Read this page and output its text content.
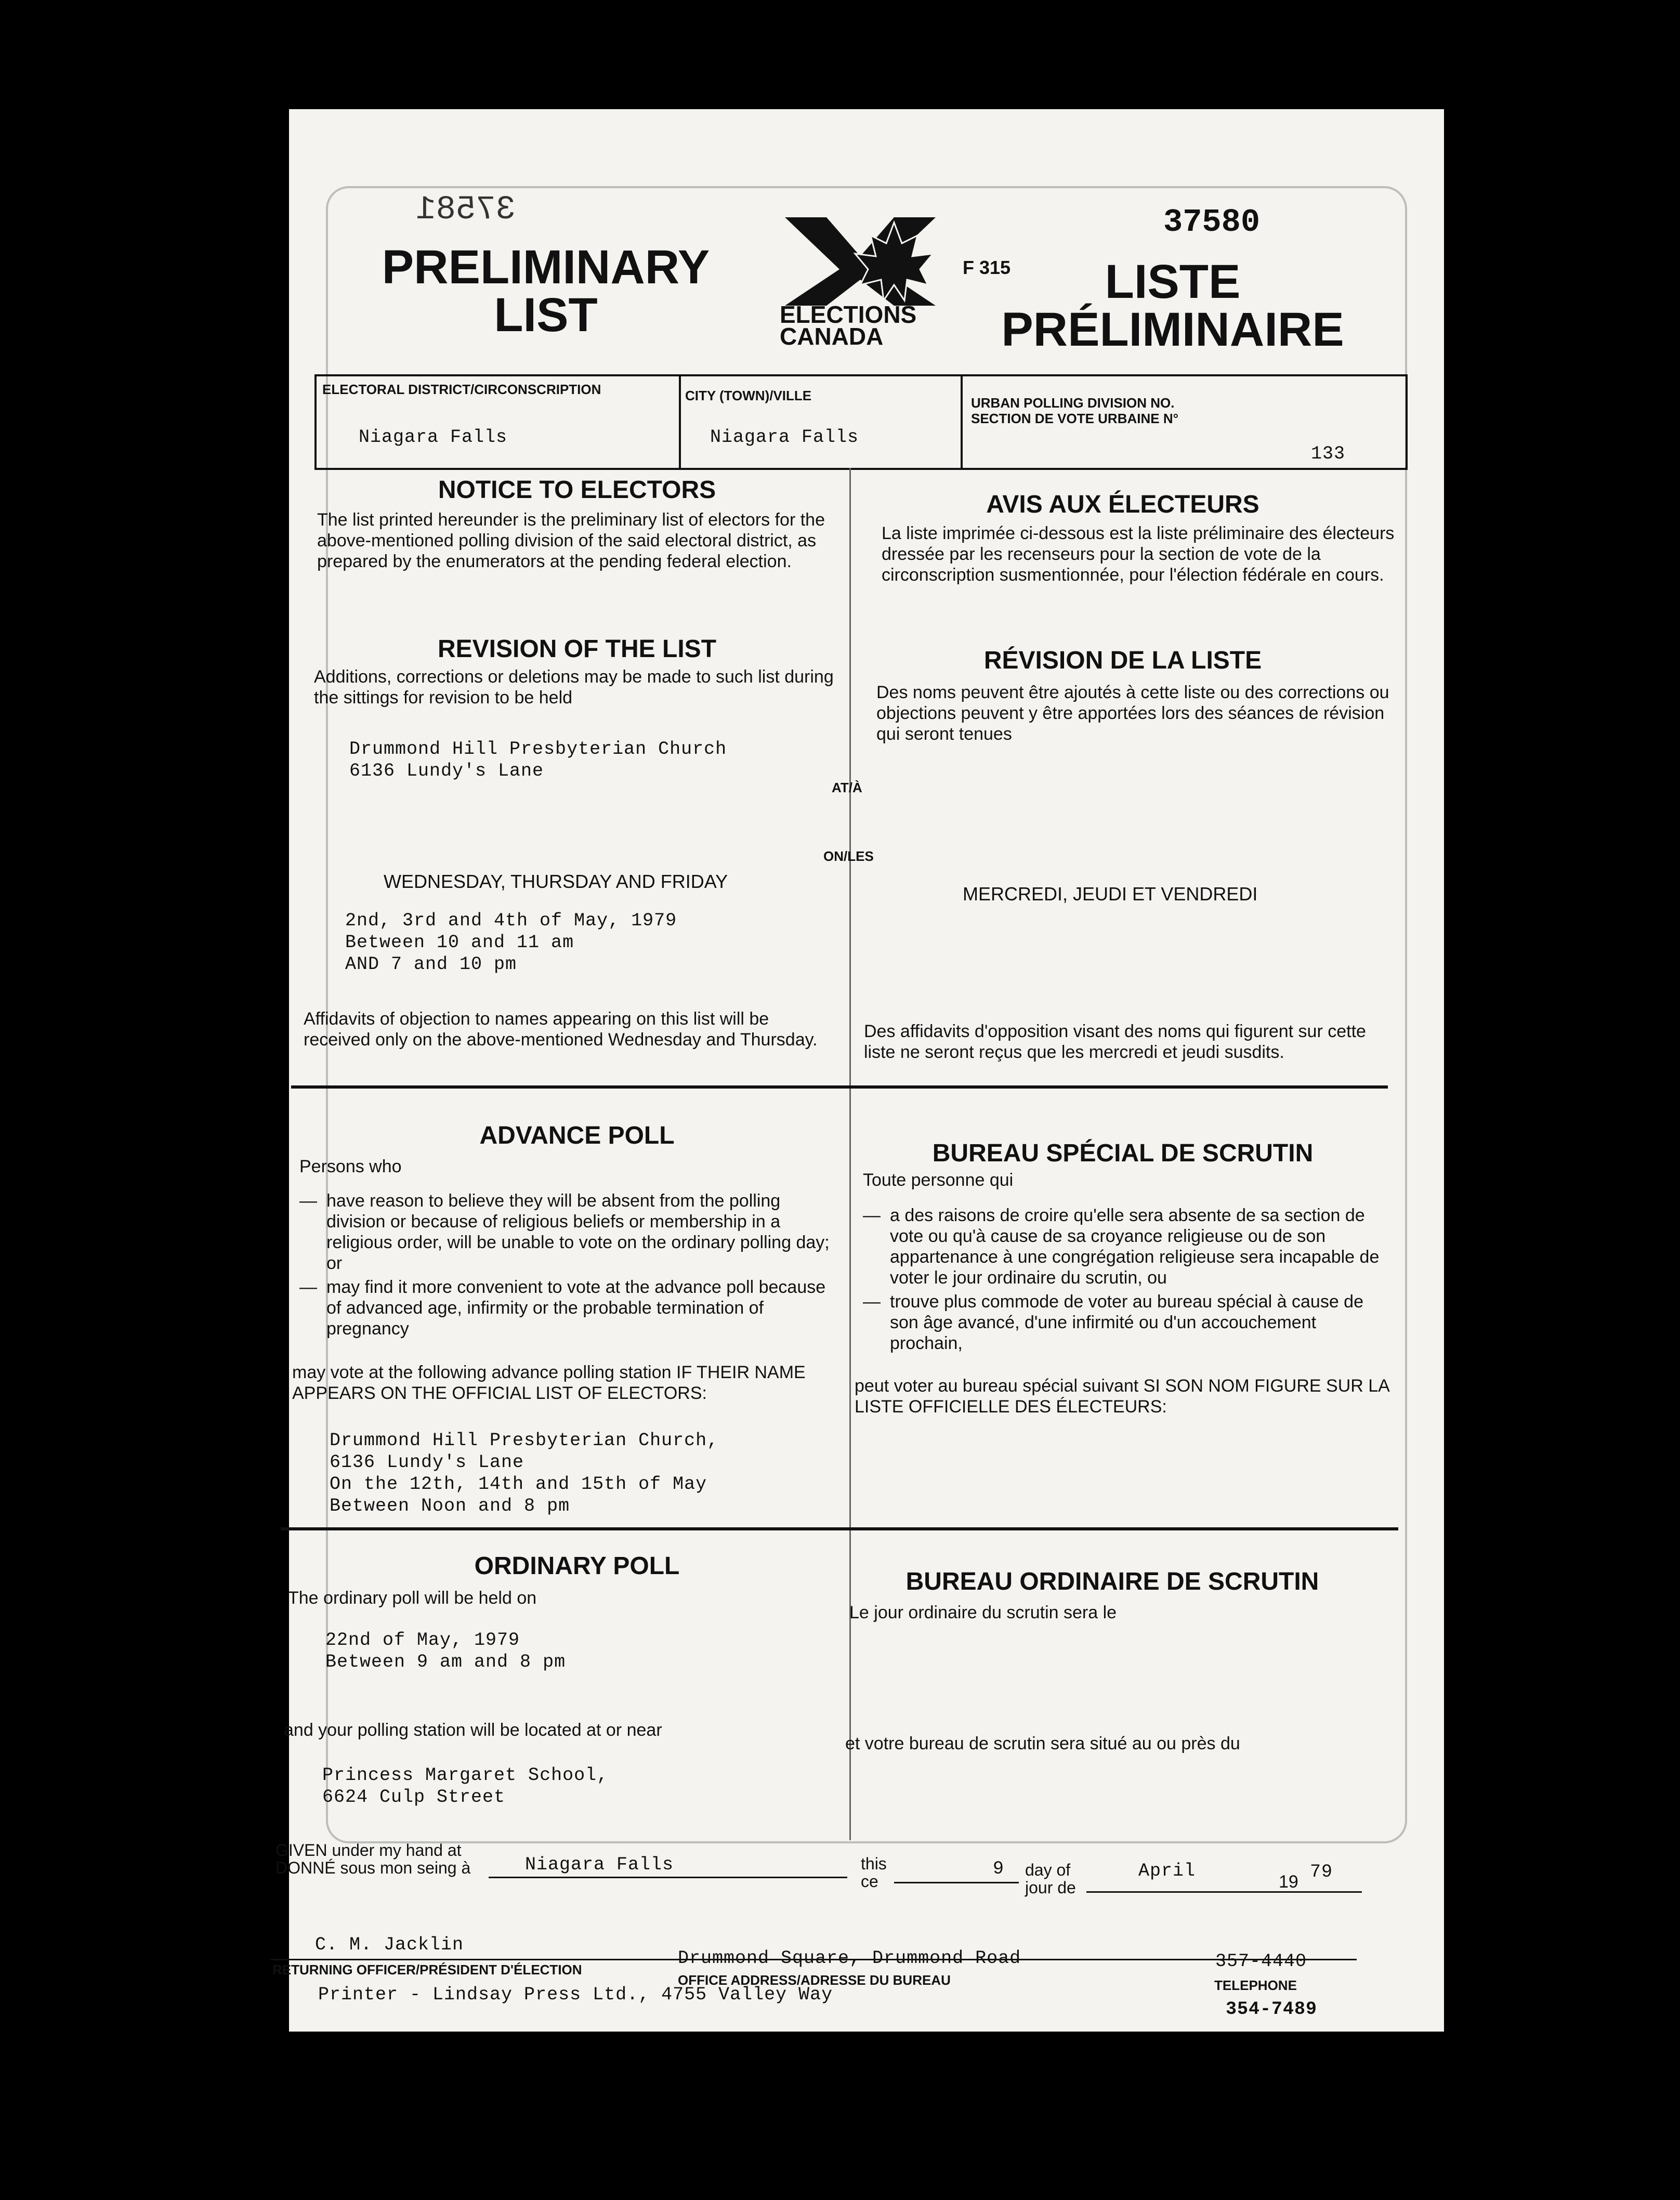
37581	37580
PRELIMINARY
LIST	ELECTIONS
CANADA
F 315	LISTE
PRÉLIMINAIRE
ELECTORAL DISTRICT/CIRCONSCRIPTION
Niagara Falls
CITY (TOWN)/VILLE
Niagara Falls
URBAN POLLING DIVISION NO.
SECTION DE VOTE URBAINE N°
133
NOTICE TO ELECTORS
The list printed hereunder is the preliminary list of electors for the above-mentioned polling division of the said electoral district, as prepared by the enumerators at the pending federal election.
AVIS AUX ÉLECTEURS
La liste imprimée ci-dessous est la liste préliminaire des électeurs dressée par les recenseurs pour la section de vote de la circonscription susmentionnée, pour l'élection fédérale en cours.
REVISION OF THE LIST
Additions, corrections or deletions may be made to such list during the sittings for revision to be held
RÉVISION DE LA LISTE
Des noms peuvent être ajoutés à cette liste ou des corrections ou objections peuvent y être apportées lors des séances de révision qui seront tenues
Drummond Hill Presbyterian Church
6136 Lundy's Lane
AT/À
ON/LES
WEDNESDAY, THURSDAY AND FRIDAY
MERCREDI, JEUDI ET VENDREDI
2nd, 3rd and 4th of May, 1979
Between 10 and 11 am
AND 7 and 10 pm
Affidavits of objection to names appearing on this list will be received only on the above-mentioned Wednesday and Thursday.	Des affidavits d'opposition visant des noms qui figurent sur cette liste ne seront reçus que les mercredi et jeudi susdits.
ADVANCE POLL
Persons who
— have reason to believe they will be absent from the polling division or because of religious beliefs or membership in a religious order, will be unable to vote on the ordinary polling day; or
— may find it more convenient to vote at the advance poll because of advanced age, infirmity or the probable termination of pregnancy
may vote at the following advance polling station IF THEIR NAME APPEARS ON THE OFFICIAL LIST OF ELECTORS:
BUREAU SPÉCIAL DE SCRUTIN
Toute personne qui
— a des raisons de croire qu'elle sera absente de sa section de vote ou qu'à cause de sa croyance religieuse ou de son appartenance à une congrégation religieuse sera incapable de voter le jour ordinaire du scrutin, ou
— trouve plus commode de voter au bureau spécial à cause de son âge avancé, d'une infirmité ou d'un accouchement prochain,
peut voter au bureau spécial suivant SI SON NOM FIGURE SUR LA LISTE OFFICIELLE DES ÉLECTEURS:
Drummond Hill Presbyterian Church,
6136 Lundy's Lane
On the 12th, 14th and 15th of May
Between Noon and 8 pm
ORDINARY POLL
The ordinary poll will be held on
BUREAU ORDINAIRE DE SCRUTIN
Le jour ordinaire du scrutin sera le
22nd of May, 1979
Between 9 am and 8 pm
and your polling station will be located at or near
et votre bureau de scrutin sera situé au ou près du
Princess Margaret School,
6624 Culp Street
GIVEN under my hand at
DONNÉ sous mon seing à	Niagara Falls	this
ce
9 day of
jour de
April
19 79
C. M. Jacklin
Drummond Square, Drummond Road	357-4440
RETURNING OFFICER/PRÉSIDENT D'ÉLECTION
OFFICE ADDRESS/ADRESSE DU BUREAU	TELEPHONE
Printer - Lindsay Press Ltd., 4755 Valley Way
354-7489
